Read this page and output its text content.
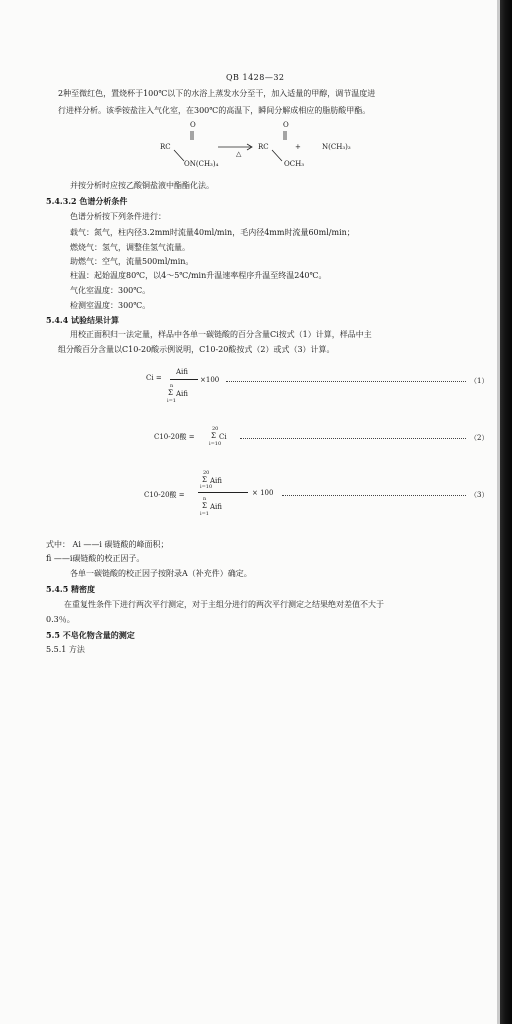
QB 1428—32
2种至微红色，置烧杯于100℃以下的水浴上蒸发水分至干，加入适量的甲醇，调节温度进
行进样分析。该季铵盐注入气化室，在300℃的高温下，瞬间分解成相应的脂肪酸甲酯。
O
RC
ON(CH₃)₄
△
O
RC
OCH₃
+	N(CH₃)₃
并按分析时应按乙酸铜盐液中酯酯化法。
5.4.3.2 色谱分析条件
色谱分析按下列条件进行：
载气：氮气，柱内径3.2mm时流量40ml/min，毛内径4mm时流量60ml/min；
燃烧气：氢气，调整佳氢气流量。
助燃气：空气，流量500ml/min。
柱温：起始温度80℃，以4～5℃/min升温速率程序升温至终温240℃。
气化室温度：300℃。
检测室温度：300℃。
5.4.4 试验结果计算
用校正面积归一法定量，样品中各单一碳链酸的百分含量Ci按式（1）计算，样品中主
组分酸百分含量以C10-20酸示例说明，C10-20酸按式（2）或式（3）计算。
Ci =
Aifi
n
Σ Aifi
i=1
×100	（1）
C10-20酸 =
20
Σ Ci
i=10
（2）
C10-20酸 =
20
Σ Aifi
i=10
n
Σ Aifi
i=1
× 100	（3）
式中： Ai ——i 碳链酸的峰面积；
fi ——i碳链酸的校正因子。
各单一碳链酸的校正因子按附录A（补充件）确定。
5.4.5 精密度
在重复性条件下进行两次平行测定，对于主组分进行的两次平行测定之结果绝对差值不大于
0.3％。
5.5 不皂化物含量的测定
5.5.1 方法
